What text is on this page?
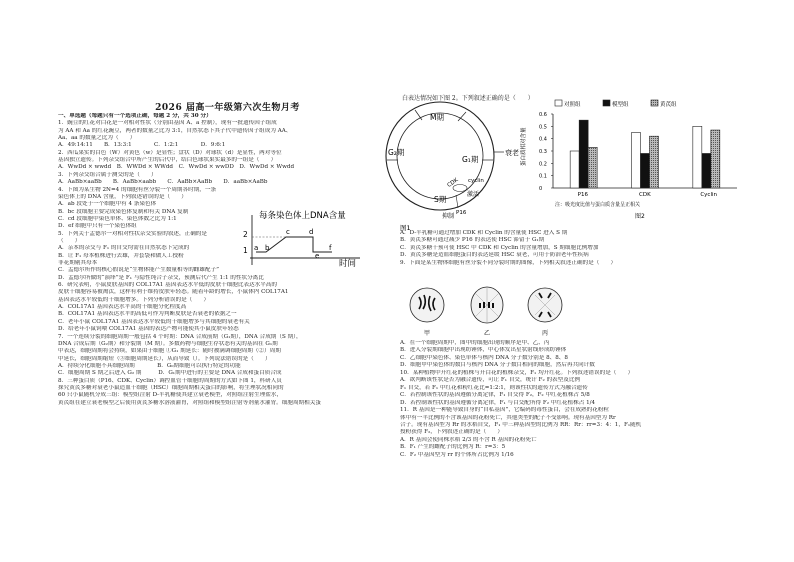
2026 届高一年级第六次生物月考
一、单选题（每题只有一个选项正确，每题 2 分，共 30 分）
1．豌豆的红花对白花是一对相对性状（分别由基因 A、a 控制），现有一批遗传因子组成
为 AA 和 Aa 的红花豌豆，两者的数量之比为 3:1，自然状态下其子代中遗传因子组成为 AA、
Aa、aa 的数量之比为（　　）
A．49:14:11　　B．13:3:1　　　　C．1:2:1　　　　D．9:6:1
2．西瓜果实的白色（W）对黄色（w）是显性；盘状（D）对球状（d）是显性，两对等位
基因独立遗传。下列杂交组合中所产生的后代中，结白色球状果实最多的一组是（　　）
A．WwDd × wwdd　B．WWDd × WWdd　C．WwDd × wwDD　D．WwDd × Wwdd
3．下列杂交组合属于测交的是（　　）
A．AaBb×aaBb　　B．AaBb×aabb　　C．AaBb×AaBb　　D．aaBb×AaBb
4．下图为某生物 2N=4 的细胞有丝分裂一个周期各时期，一条
染色体上的 DNA 含量，下列叙述错误的是（　　）
A．ab 段处于一个细胞中有 4 条染色体
B．bc 段细胞主要完成染色体复制和有关 DNA 复制
C．cd 段细胞中染色单体、染色体数之比为 1:1
D．ef 细胞中只有一个染色体组
5．下列关于孟德尔一对相对性状杂交实验的叙述，正确的是
（　　）
A．亲本的杂交与 F₁ 的自交均需在自然状态下完成的
B．让 F₁ 母本植株进行去雄，并套袋和做人工授粉
非花期剔其母本
C．孟德尔所作的核心假说是“生物体能产生数量相等的雌雄配子”
D．孟德尔所做的“演绎”是 F₁ 与隐性纯合子杂交，预测后代产生 1:1 的性状分离比
6．研究表明，小鼠皮肤基因的 COL17A1 基因表达水平低的皮肤干细胞比表达水平高的
皮肤干细胞容易被淘汰，这样有利于维持皮肤年轻态。随着年龄的增长，小鼠体内 COL17A1
基因表达水平较低的干细胞增多。下列分析错误的是（　　）
A．COL17A1 基因表达水平高的干细胞分化程度高
B．COL17A1 基因表达水平的高低可作为判断皮肤是否衰老的依据之一
C．老年小鼠 COL17A1 基因表达水平较低的干细胞增多与其细胞的衰老有关
D．给老年小鼠饲喂 COL17A1 基因的表达产物可能使其小鼠皮肤年轻态
7．一个连续分裂的细胞周期一般包括 4 个时期：DNA 合成前期（G₁期），DNA 合成期（S 期），
DNA 合成后期（G₂期）和分裂期（M 期）。多数药物与细胞生存状态有关的基因在 G₁期
中表达，细胞周期将会持续，如果由于细胞 ①G₁ 期延长：随时被满调细胞周期（②）周期
中延长，细胞周期缩短（③细胞周期延长），从而导致（）。下列说法错误的是（　　）
A．持续分化细胞不具细胞周期　　　　B．G₀期细胞可以执行特定的功能
C．细胞周期 S 期之后进入 G₂ 期　　　D．G₁期中进行的主要是 DNA 合成和蛋白质合成
8．三种蛋白质（P16、CDK、Cyclin）调控血管干细胞的周期的方式如下图 1，科研人员
探究黄芪多糖对衰老小鼠造血干细胞（HSC）细胞周期相关蛋白的影响，将生理状况相同的
60 只小鼠随机分成三组：模型组注射 D-半乳糖使其建立衰老模型，对照组注射生理盐水，
黄芪组在建立衰老模型之后使用黄芪多糖水溶液灌胃，对照组和模型组注射等剂量水灌胃。细胞周期相关蛋
每条染色体上DNA含量
时间
2
1 a b
c	d
e
f
白表达情况如下图 2。下列叙述正确的是（　　）
M期
G₂期
G₁期
S期
衰老
CDK cyclin
激活
抑制 P16
图1
蛋白质相对含量
0.6
0.5
0.4
0.3
0.2
0.1
0
P16	CDK	Cyclin
对照组	模型组	黄芪组
注：吸光度比值与蛋白质含量呈正相关
图2
A．D-半乳糖可通过增加 CDK 和 Cyclin 的含量使 HSC 进入 S 期
B．黄芪多糖可通过减少 P16 的表达使 HSC 滞留于 G₁期
C．黄芪多糖干预可使 HSC 中 CDK 和 Cyclin 的含量增加，S 期细胞比例增加
D．黄芪多糖是造血细胞蛋白的表达延缓 HSC 衰老，可用于防治老年性疾病
9．下面是某生物体细胞有丝分裂不同分裂时期的图像，下列相关叙述正确的是（　　）
A．在一个细胞周期中，图中的细胞出现的顺序是甲、乙、丙
B．进入分裂期细胞中出现纺锤体，中心体发出星状射线形成纺锤体
C．乙细胞中染色体、染色单体与核内 DNA 分子数分别是 8、8、8
D．细胞甲中染色体的数目与核内 DNA 分子数目相同的细胞，然后再共同计数
10．某种植物中开红花的植株与开白花的植株杂交，F₁ 均开红花。下列叙述错误的是（　　）
A．欲判断该性状是否为融合遗传，可让 F₁ 自交，统计 F₂ 的表型及比例
F₁ 自交，若 F₁ 中红花和粉红花比=1:2:1，则该性状的遗传方式为融合遗传
C．若控制该性状的基因遵循分离定律，F₁ 自交得 F₂，F₂ 中红花植株占 5/8
D．若控制该性状的基因遵循分离定律，F₁ 与白交配所得 F₂ 中红花植株占 1/4
11．R 基因是一种能导致自身的“自私基因”，它编码的毒性蛋白，会在成熟的花粉粒
体中有一半比例的不含该基因的花粉死亡，其他类型的配子不受影响。现有基因型为 Rr
合子。现有基因型为 Rr 的水稻自交，F₁ 中三种基因型的比例为 RR：Rr：rr=3：4：1，F₁随机
授粉获得 F₂，下列叙述正确的是（　　）
A．R 基因会使同株水稻 2/3 的不含 R 基因的花粉死亡
B．F₁ 产生的雌配子的比例为 R：r=3：5
C．F₂ 中基因型为 rr 的个体所占比例为 1/16
甲	乙	丙
